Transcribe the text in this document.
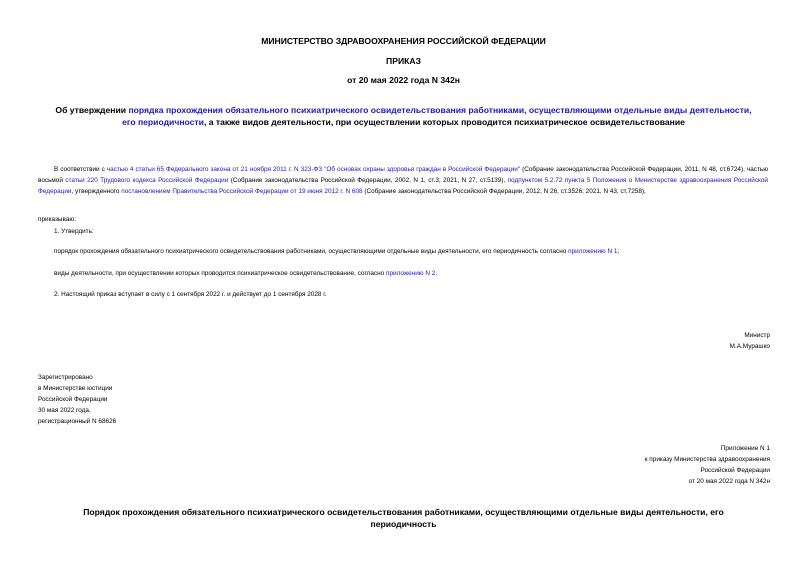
МИНИСТЕРСТВО ЗДРАВООХРАНЕНИЯ РОССИЙСКОЙ ФЕДЕРАЦИИ
ПРИКАЗ
от 20 мая 2022 года N 342н
Об утверждении порядка прохождения обязательного психиатрического освидетельствования работниками, осуществляющими отдельные виды деятельности,
его периодичности, а также видов деятельности, при осуществлении которых проводится психиатрическое освидетельствование
В соответствии с частью 4 статьи 65 Федерального закона от 21 ноября 2011 г. N 323-ФЗ "Об основах охраны здоровья граждан в Российской Федерации" (Собрание законодательства Российской Федерации, 2011, N 48, ст.6724), частью восьмой статьи 220 Трудового кодекса Российской Федерации (Собрание законодательства Российской Федерации, 2002, N 1, ст.3; 2021, N 27, ст.5139), подпунктом 5.2.72 пункта 5 Положения о Министерстве здравоохранения Российской Федерации, утвержденного постановлением Правительства Российской Федерации от 19 июня 2012 г. N 608 (Собрание законодательства Российской Федерации, 2012, N 26, ст.3526; 2021, N 43, ст.7258),
приказываю:
1. Утвердить:
порядок прохождения обязательного психиатрического освидетельствования работниками, осуществляющими отдельные виды деятельности, его периодичность согласно приложению N 1;
виды деятельности, при осуществлении которых проводится психиатрическое освидетельствование, согласно приложению N 2.
2. Настоящий приказ вступает в силу с 1 сентября 2022 г. и действует до 1 сентября 2028 г.
Министр
М.А.Мурашко
Зарегистрировано
в Министерстве юстиции
Российской Федерации
30 мая 2022 года,
регистрационный N 68626
Приложение N 1
к приказу Министерства здравоохранения
Российской Федерации
от 20 мая 2022 года N 342н
Порядок прохождения обязательного психиатрического освидетельствования работниками, осуществляющими отдельные виды деятельности, его
периодичность
